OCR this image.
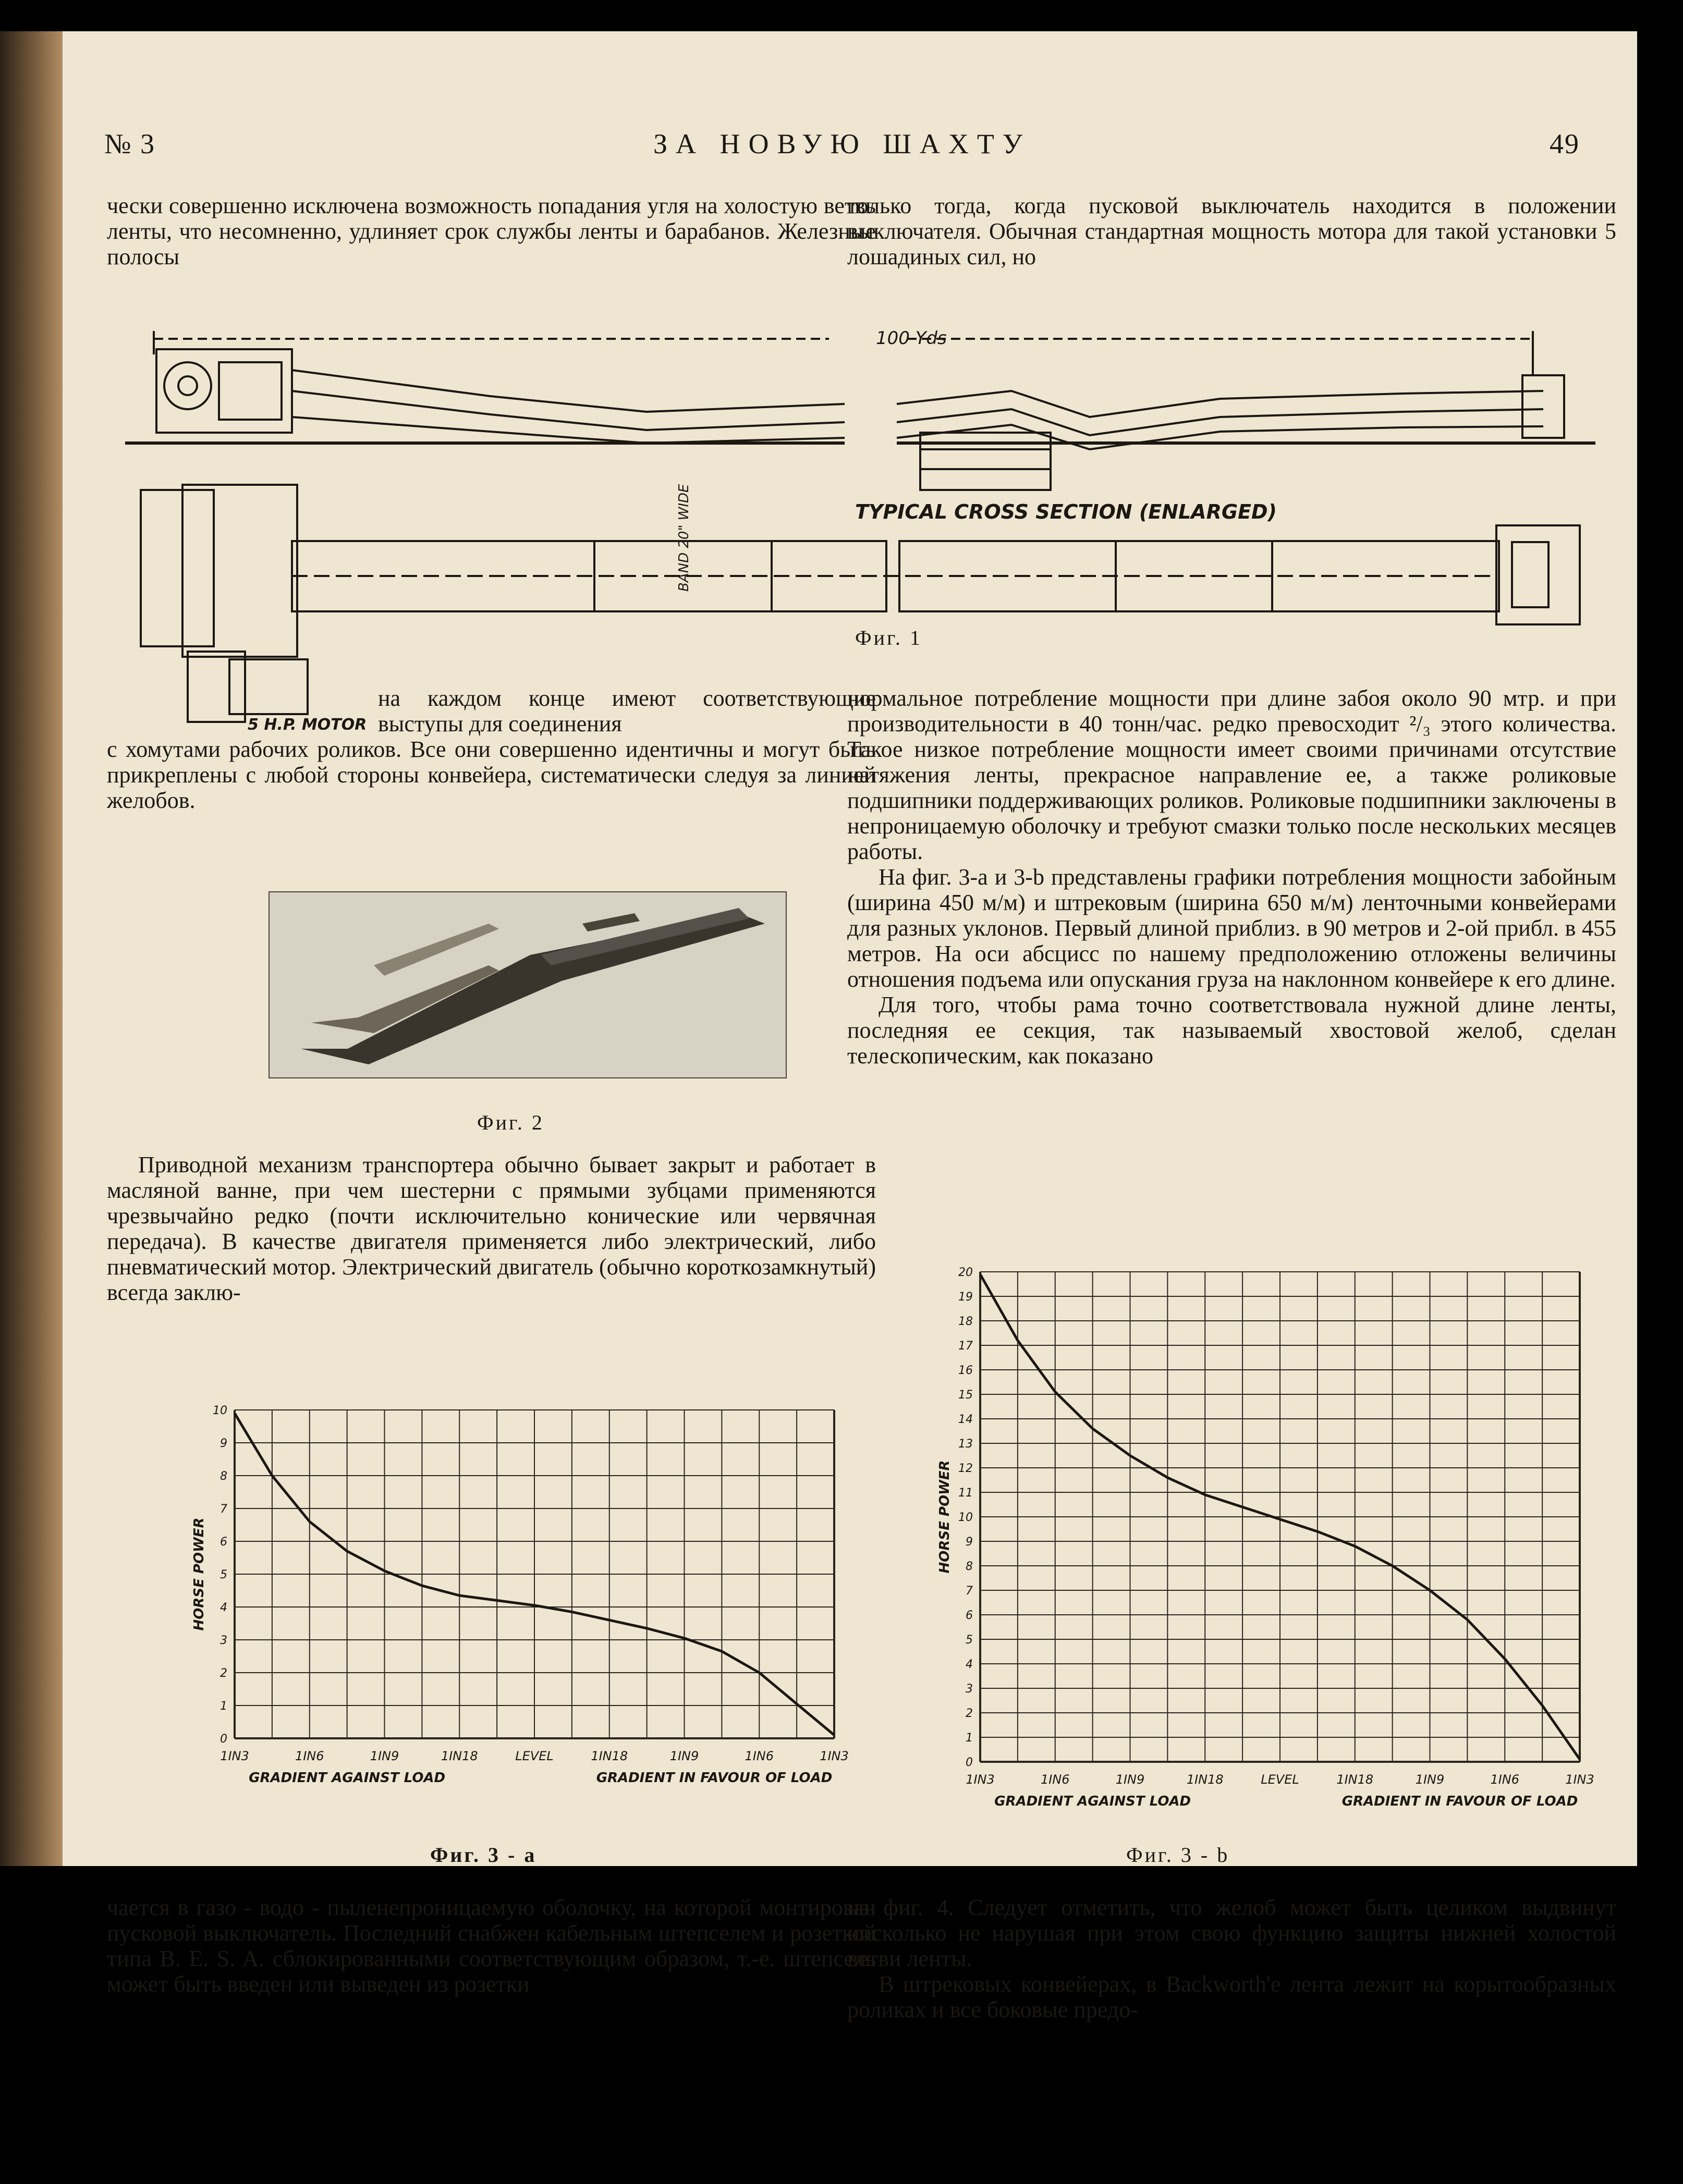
№ 3	ЗА НОВУЮ ШАХТУ	49

чески совершенно исключена возможность попадания угля на холостую ветвь ленты, что несомненно, удлиняет срок службы ленты и барабанов. Железные полосы

только тогда, когда пусковой выключатель находится в положении выключателя. Обычная стандартная мощность мотора для такой установки 5 лошадиных сил, но

100 Yds
TYPICAL CROSS SECTION (ENLARGED)
BAND 20" WIDE
5 H.P. MOTOR
Фиг. 1

на каждом конце имеют соответствующие выступы для соединения

с хомутами рабочих роликов. Все они совершенно идентичны и могут быть прикреплены с любой стороны конвейера, систематически следуя за линией желобов.

Фиг. 2

нормальное потребление мощности при длине забоя около 90 мтр. и при производительности в 40 тонн/час. редко превосходит ²/₃ этого количества. Такое низкое потребление мощности имеет своими причинами отсутствие натяжения ленты, прекрасное направление ее, а также роликовые подшипники поддерживающих роликов. Роликовые подшипники заключены в непроницаемую оболочку и требуют смазки только после нескольких месяцев работы.

На фиг. 3-а и 3-b представлены графики потребления мощности забойным (ширина 450 м/м) и штрековым (ширина 650 м/м) ленточными конвейерами для разных уклонов. Первый длиной приблиз. в 90 метров и 2-ой прибл. в 455 метров. На оси абсцисс по нашему предположению отложены величины отношения подъема или опускания груза на наклонном конвейере к его длине.

Для того, чтобы рама точно соответствовала нужной длине ленты, последняя ее секция, так называемый хвостовой желоб, сделан телескопическим, как показано

Приводной механизм транспортера обычно бывает закрыт и работает в масляной ванне, при чем шестерни с прямыми зубцами применяются чрезвычайно редко (почти исключительно конические или червячная передача). В качестве двигателя применяется либо электрический, либо пневматический мотор. Электрический двигатель (обычно короткозамкнутый) всегда заклю-

0
1
2
3
4
5
6
7
8
9
10
1IN3	1IN6	1IN9	1IN18	LEVEL	1IN18	1IN9	1IN6	1IN3
HORSE POWER
GRADIENT AGAINST LOAD	GRADIENT IN FAVOUR OF LOAD
Фиг. 3 - а
0
1
2
3
4
5
6
7
8
9
10
11
12
13
14
15
16
17
18
19
20
1IN3	1IN6	1IN9	1IN18	LEVEL	1IN18	1IN9	1IN6	1IN3
HORSE POWER
GRADIENT AGAINST LOAD	GRADIENT IN FAVOUR OF LOAD
Фиг. 3 - b

чается в газо - водо - пыленепроницаемую оболочку, на которой монтирован пусковой выключатель. Последний снабжен кабельным штепселем и розеткой типа B. E. S. A. сблокированными соответствующим образом, т.-е. штепсель может быть введен или выведен из розетки

на фиг. 4. Следует отметить, что желоб может быть целиком выдвинут нисколько не нарушая при этом свою функцию защиты нижней холостой ветви ленты.

В штрековых конвейерах, в Backworth'е лента лежит на корытообразных роликах и все боковые предо-
